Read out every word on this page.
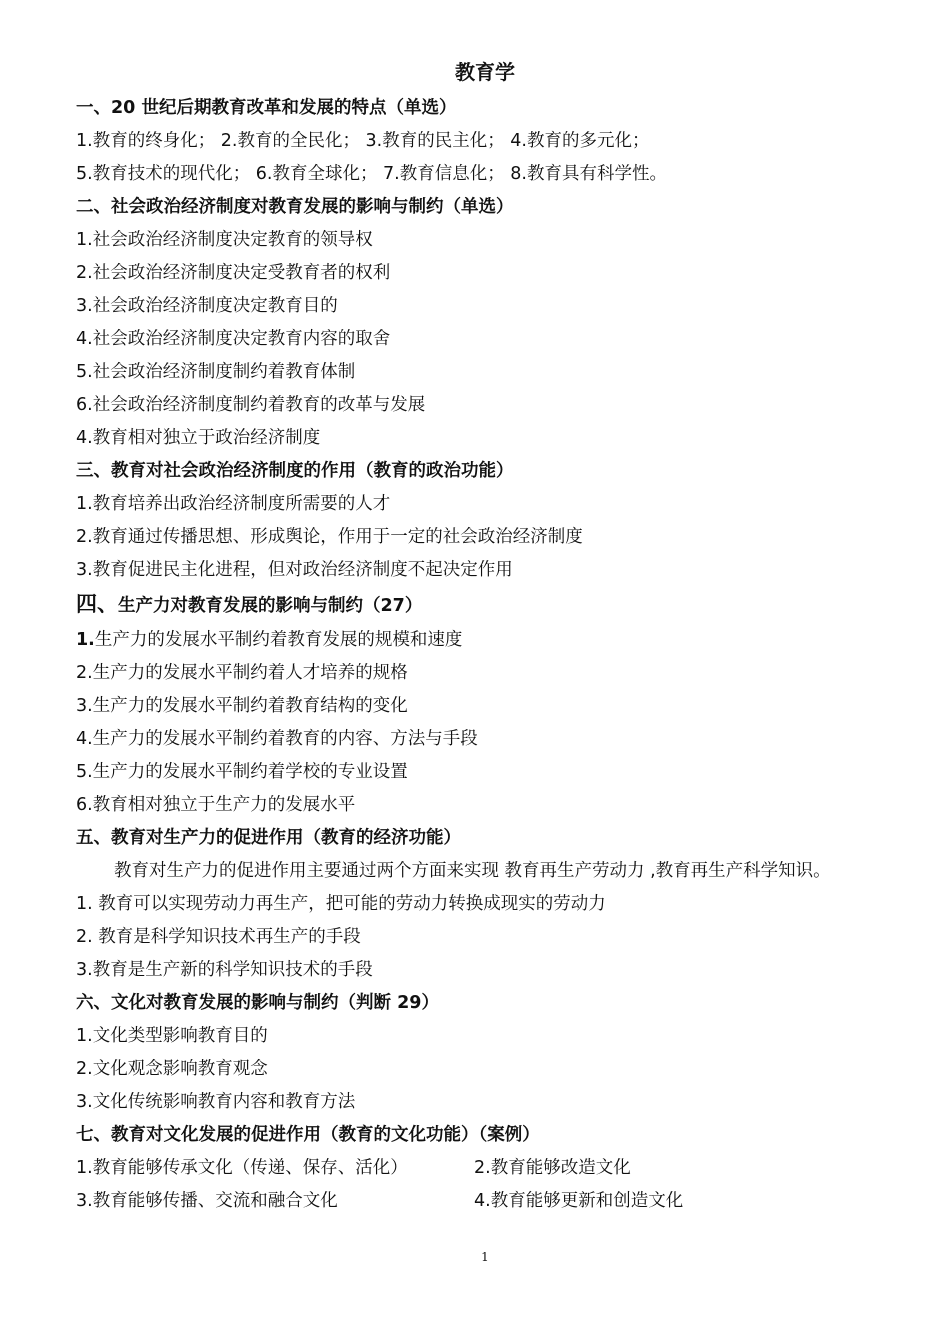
教育学
一、20 世纪后期教育改革和发展的特点（单选）
1.教育的终身化； 2.教育的全民化； 3.教育的民主化； 4.教育的多元化；
5.教育技术的现代化； 6.教育全球化； 7.教育信息化； 8.教育具有科学性。
二、社会政治经济制度对教育发展的影响与制约（单选）
1.社会政治经济制度决定教育的领导权
2.社会政治经济制度决定受教育者的权利
3.社会政治经济制度决定教育目的
4.社会政治经济制度决定教育内容的取舍
5.社会政治经济制度制约着教育体制
6.社会政治经济制度制约着教育的改革与发展
4.教育相对独立于政治经济制度
三、教育对社会政治经济制度的作用（教育的政治功能）
1.教育培养出政治经济制度所需要的人才
2.教育通过传播思想、形成舆论，作用于一定的社会政治经济制度
3.教育促进民主化进程，但对政治经济制度不起决定作用
四、生产力对教育发展的影响与制约（27）
1.生产力的发展水平制约着教育发展的规模和速度
2.生产力的发展水平制约着人才培养的规格
3.生产力的发展水平制约着教育结构的变化
4.生产力的发展水平制约着教育的内容、方法与手段
5.生产力的发展水平制约着学校的专业设置
6.教育相对独立于生产力的发展水平
五、教育对生产力的促进作用（教育的经济功能）
教育对生产力的促进作用主要通过两个方面来实现 教育再生产劳动力 ,教育再生产科学知识。
1. 教育可以实现劳动力再生产，把可能的劳动力转换成现实的劳动力
2. 教育是科学知识技术再生产的手段
3.教育是生产新的科学知识技术的手段
六、文化对教育发展的影响与制约（判断 29）
1.文化类型影响教育目的
2.文化观念影响教育观念
3.文化传统影响教育内容和教育方法
七、教育对文化发展的促进作用（教育的文化功能）（案例）
1.教育能够传承文化（传递、保存、活化）	2.教育能够改造文化
3.教育能够传播、交流和融合文化	4.教育能够更新和创造文化
1
